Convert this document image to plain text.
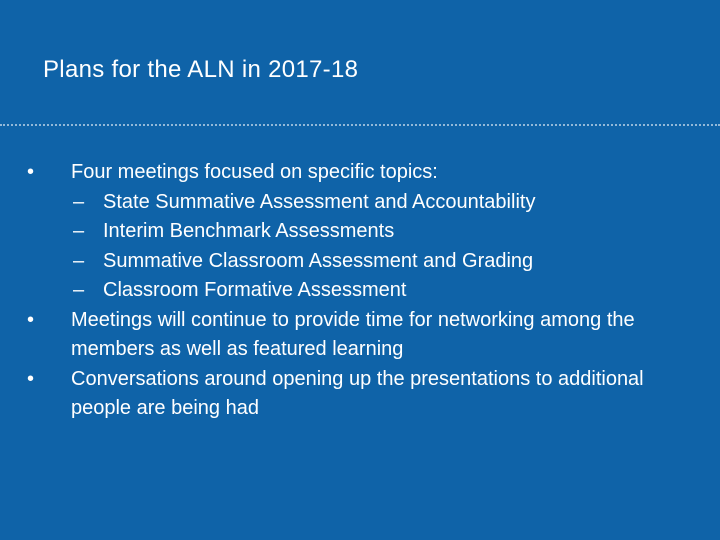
Plans for the ALN in 2017-18
•	Four meetings focused on specific topics:
– State Summative Assessment and Accountability
– Interim Benchmark Assessments
– Summative Classroom Assessment and Grading
– Classroom Formative Assessment
•	Meetings will continue to provide time for networking among the members as well as featured learning
•	Conversations around opening up the presentations to additional people are being had
